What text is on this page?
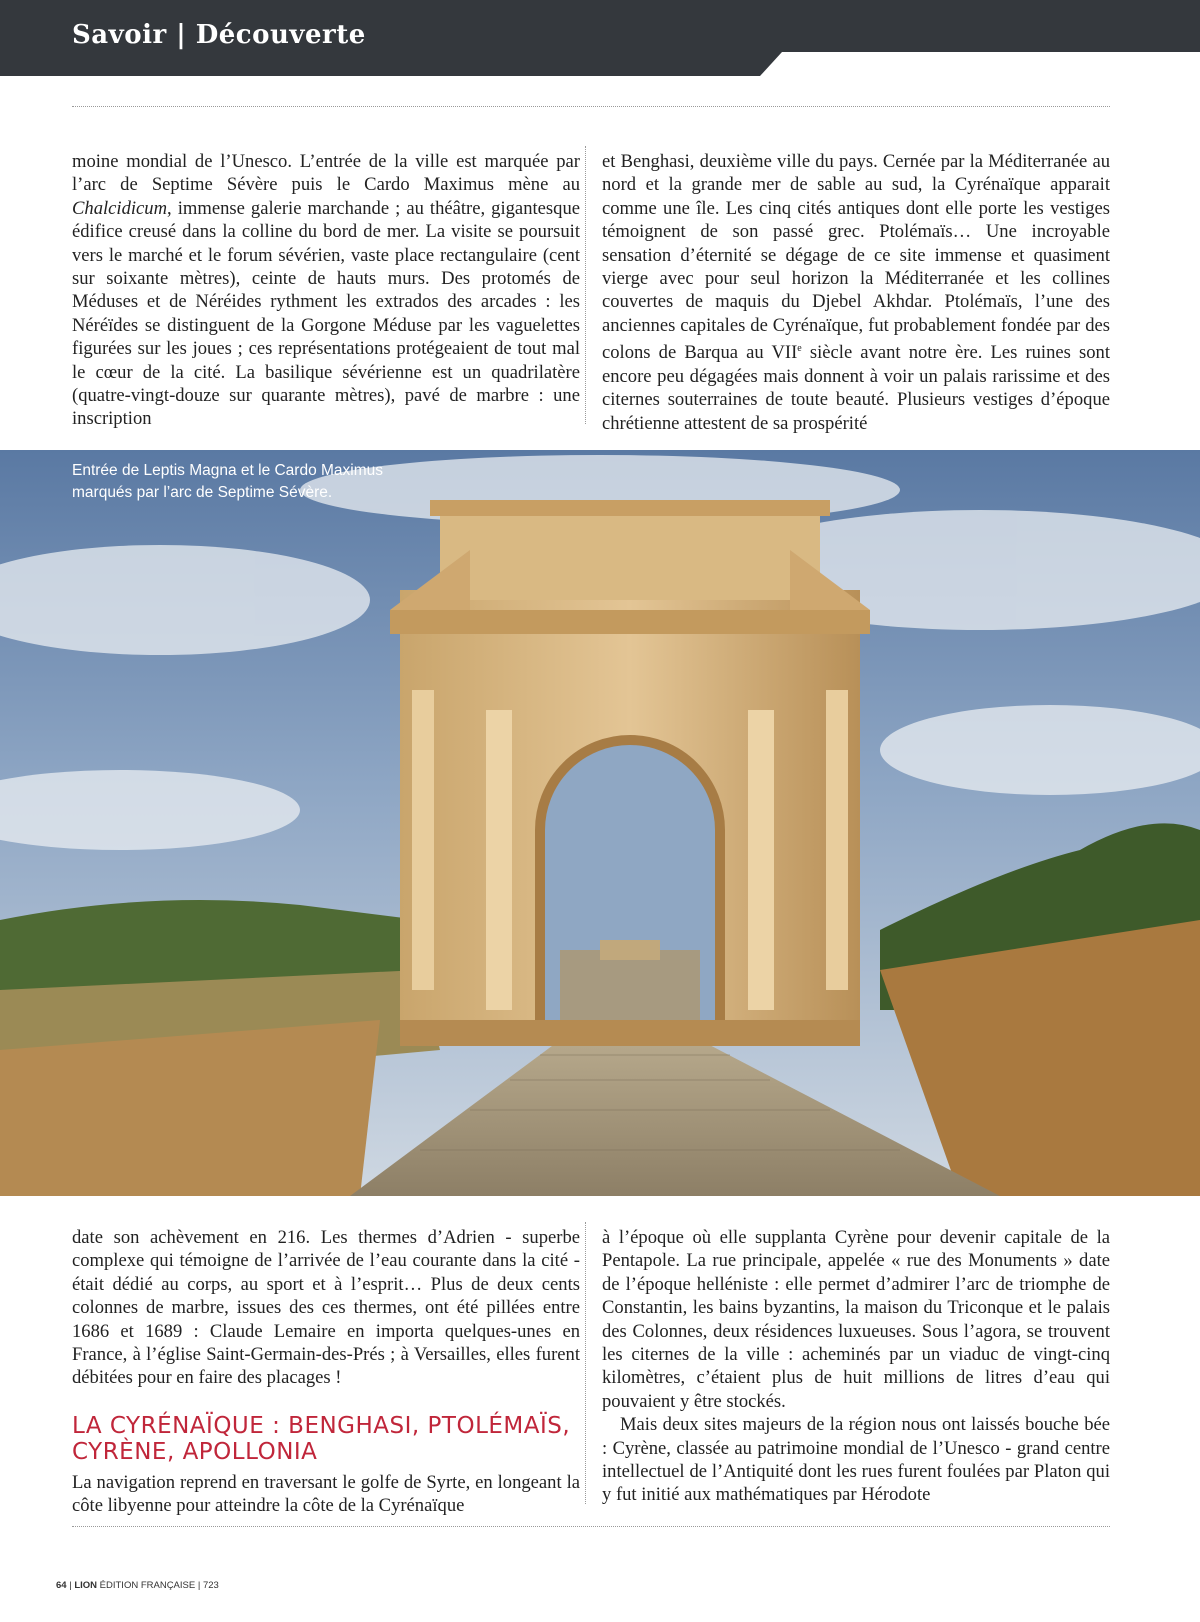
Savoir | Découverte

moine mondial de l’Unesco. L’entrée de la ville est marquée par l’arc de Septime Sévère puis le Cardo Maximus mène au Chalcidicum, immense galerie marchande ; au théâtre, gigantesque édifice creusé dans la colline du bord de mer. La visite se poursuit vers le marché et le forum sévérien, vaste place rectangulaire (cent sur soixante mètres), ceinte de hauts murs. Des protomés de Méduses et de Néréides rythment les extrados des arcades : les Néréïdes se distinguent de la Gorgone Méduse par les vaguelettes figurées sur les joues ; ces représentations protégeaient de tout mal le cœur de la cité. La basilique sévérienne est un quadrilatère (quatre-vingt-douze sur quarante mètres), pavé de marbre : une inscription

et Benghasi, deuxième ville du pays. Cernée par la Méditerranée au nord et la grande mer de sable au sud, la Cyrénaïque apparait comme une île. Les cinq cités antiques dont elle porte les vestiges témoignent de son passé grec. Ptolémaïs… Une incroyable sensation d’éternité se dégage de ce site immense et quasiment vierge avec pour seul horizon la Méditerranée et les collines couvertes de maquis du Djebel Akhdar. Ptolémaïs, l’une des anciennes capitales de Cyrénaïque, fut probablement fondée par des colons de Barqua au VIIe siècle avant notre ère. Les ruines sont encore peu dégagées mais donnent à voir un palais rarissime et des citernes souterraines de toute beauté. Plusieurs vestiges d’époque chrétienne attestent de sa prospérité

Entrée de Leptis Magna et le Cardo Maximus marqués par l’arc de Septime Sévère.

date son achèvement en 216. Les thermes d’Adrien - superbe complexe qui témoigne de l’arrivée de l’eau courante dans la cité - était dédié au corps, au sport et à l’esprit… Plus de deux cents colonnes de marbre, issues des ces thermes, ont été pillées entre 1686 et 1689 : Claude Lemaire en importa quelques-unes en France, à l’église Saint-Germain-des-Prés ; à Versailles, elles furent débitées pour en faire des placages !

LA CYRÉNAÏQUE : BENGHASI, PTOLÉMAÏS, CYRÈNE, APOLLONIA

La navigation reprend en traversant le golfe de Syrte, en longeant la côte libyenne pour atteindre la côte de la Cyrénaïque

à l’époque où elle supplanta Cyrène pour devenir capitale de la Pentapole. La rue principale, appelée « rue des Monuments » date de l’époque helléniste : elle permet d’admirer l’arc de triomphe de Constantin, les bains byzantins, la maison du Triconque et le palais des Colonnes, deux résidences luxueuses. Sous l’agora, se trouvent les citernes de la ville : acheminés par un viaduc de vingt-cinq kilomètres, c’étaient plus de huit millions de litres d’eau qui pouvaient y être stockés.

Mais deux sites majeurs de la région nous ont laissés bouche bée : Cyrène, classée au patrimoine mondial de l’Unesco - grand centre intellectuel de l’Antiquité dont les rues furent foulées par Platon qui y fut initié aux mathématiques par Hérodote

64 | LION ÉDITION FRANÇAISE | 723
